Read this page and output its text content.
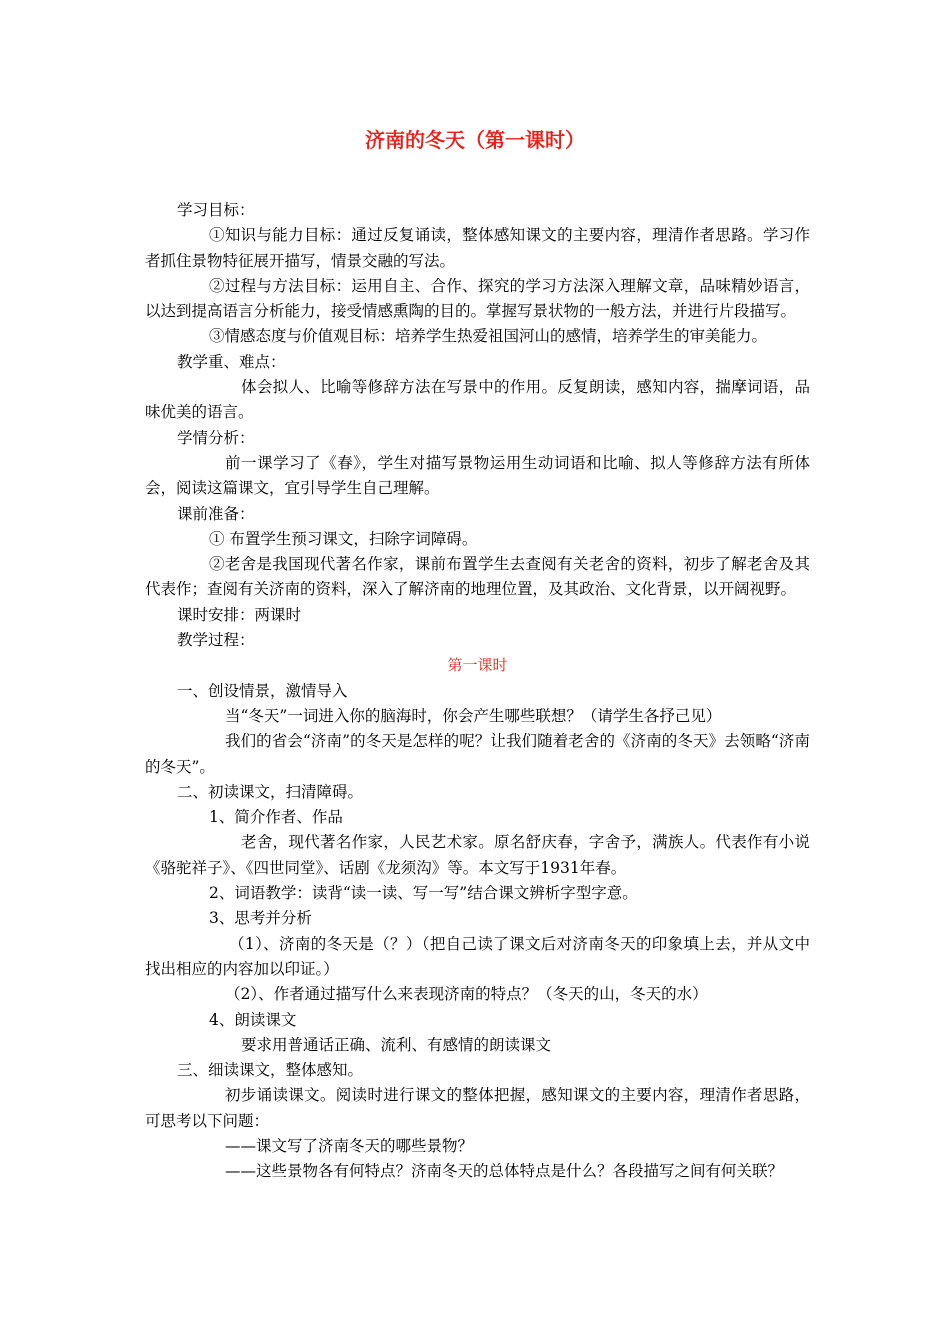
济南的冬天（第一课时）

学习目标：

①知识与能力目标：通过反复诵读，整体感知课文的主要内容，理清作者思路。学习作者抓住景物特征展开描写，情景交融的写法。

②过程与方法目标：运用自主、合作、探究的学习方法深入理解文章，品味精妙语言，以达到提高语言分析能力，接受情感熏陶的目的。掌握写景状物的一般方法，并进行片段描写。

③情感态度与价值观目标：培养学生热爱祖国河山的感情，培养学生的审美能力。

教学重、难点：

体会拟人、比喻等修辞方法在写景中的作用。反复朗读，感知内容，揣摩词语，品味优美的语言。

学情分析：

前一课学习了《春》，学生对描写景物运用生动词语和比喻、拟人等修辞方法有所体会，阅读这篇课文，宜引导学生自己理解。

课前准备：

① 布置学生预习课文，扫除字词障碍。

②老舍是我国现代著名作家，课前布置学生去查阅有关老舍的资料，初步了解老舍及其代表作；查阅有关济南的资料，深入了解济南的地理位置，及其政治、文化背景，以开阔视野。

课时安排：两课时

教学过程：

第一课时

一、创设情景，激情导入

当“冬天”一词进入你的脑海时，你会产生哪些联想？（请学生各抒己见）

我们的省会“济南”的冬天是怎样的呢？让我们随着老舍的《济南的冬天》去领略“济南的冬天”。

二、初读课文，扫清障碍。

1、简介作者、作品

老舍，现代著名作家，人民艺术家。原名舒庆春，字舍予，满族人。代表作有小说《骆驼祥子》、《四世同堂》、话剧《龙须沟》等。本文写于1931年春。

2、词语教学：读背“读一读、写一写”结合课文辨析字型字意。

3、思考并分析

（1）、济南的冬天是（？）（把自己读了课文后对济南冬天的印象填上去，并从文中找出相应的内容加以印证。）

（2）、作者通过描写什么来表现济南的特点？（冬天的山，冬天的水）

4、朗读课文

要求用普通话正确、流利、有感情的朗读课文

三、细读课文，整体感知。

初步诵读课文。阅读时进行课文的整体把握，感知课文的主要内容，理清作者思路，可思考以下问题：

——课文写了济南冬天的哪些景物？

——这些景物各有何特点？济南冬天的总体特点是什么？各段描写之间有何关联？
